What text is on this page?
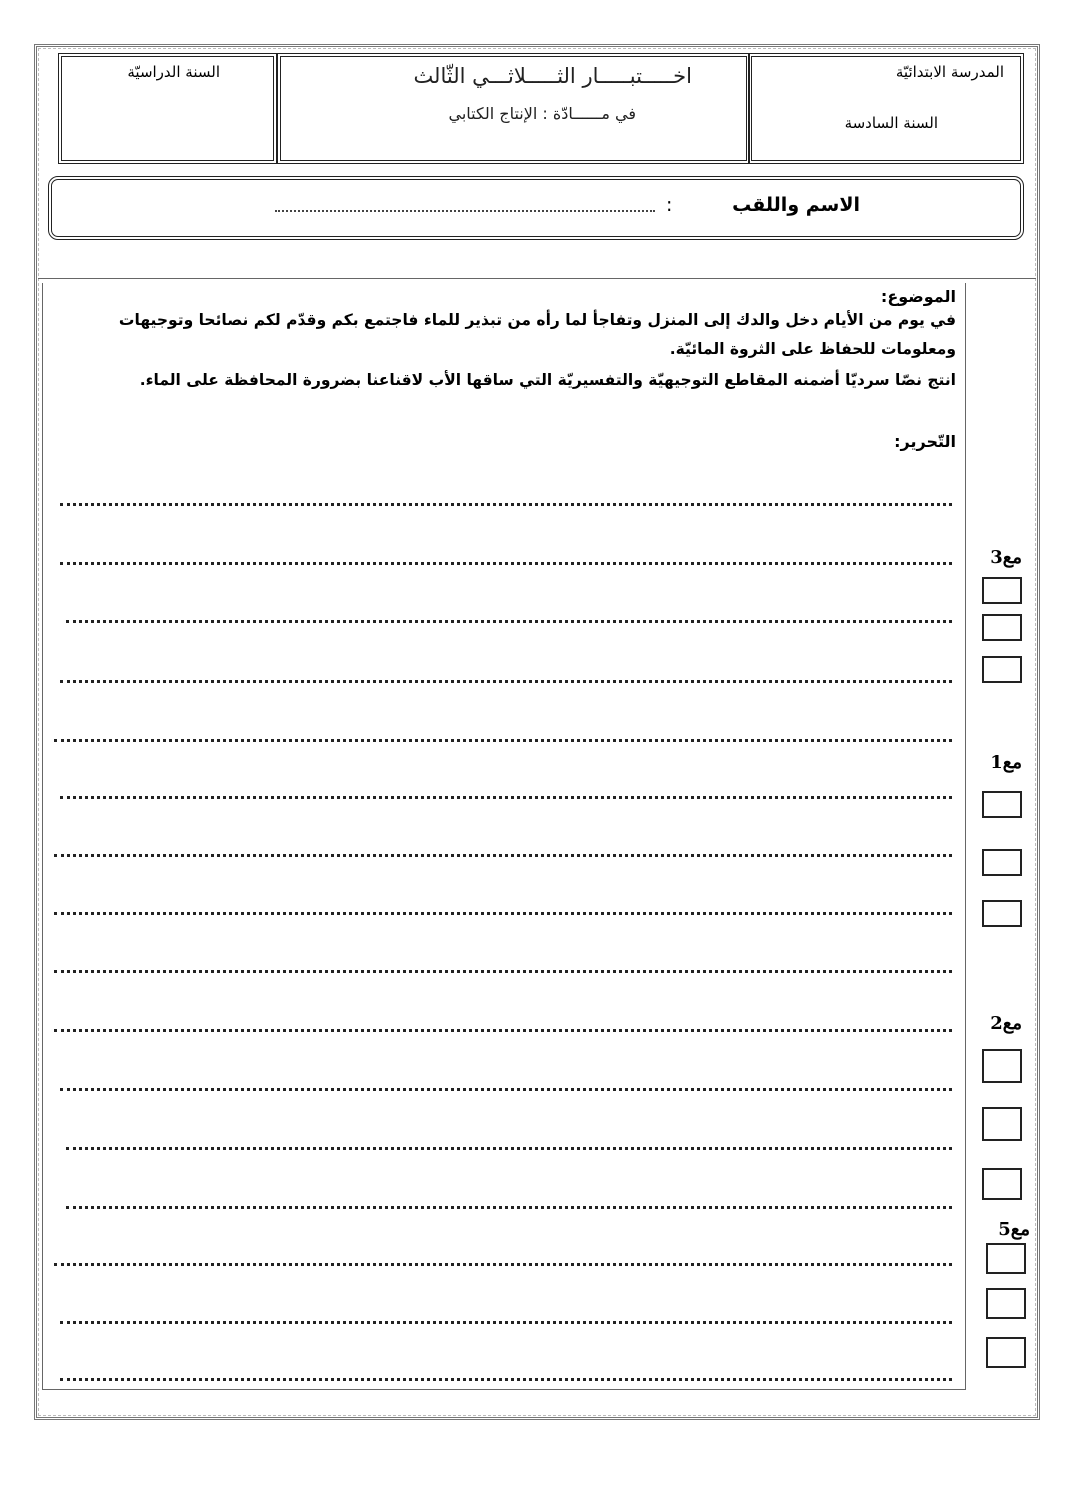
المدرسة الابتدائيّة
السنة السادسة
اخـــــتبـــــار الثـــــلاثـــي الثّالث
في مــــــادّة : الإنتاج الكتابي
السنة الدراسيّة
الاسم واللقب
:
الموضوع:
في يوم من الأيام دخل والدك إلى المنزل وتفاجأ لما رأه من تبذير للماء فاجتمع بكم وقدّم لكم نصائحا وتوجيهات
ومعلومات للحفاظ على الثروة المائيّة.
انتج نصّا سرديّا أضمنه المقاطع التوجيهيّة والتفسيريّة التي ساقها الأب لاقناعنا بضرورة المحافظة على الماء.
التّحرير:
مع3
مع1
مع2
مع5
